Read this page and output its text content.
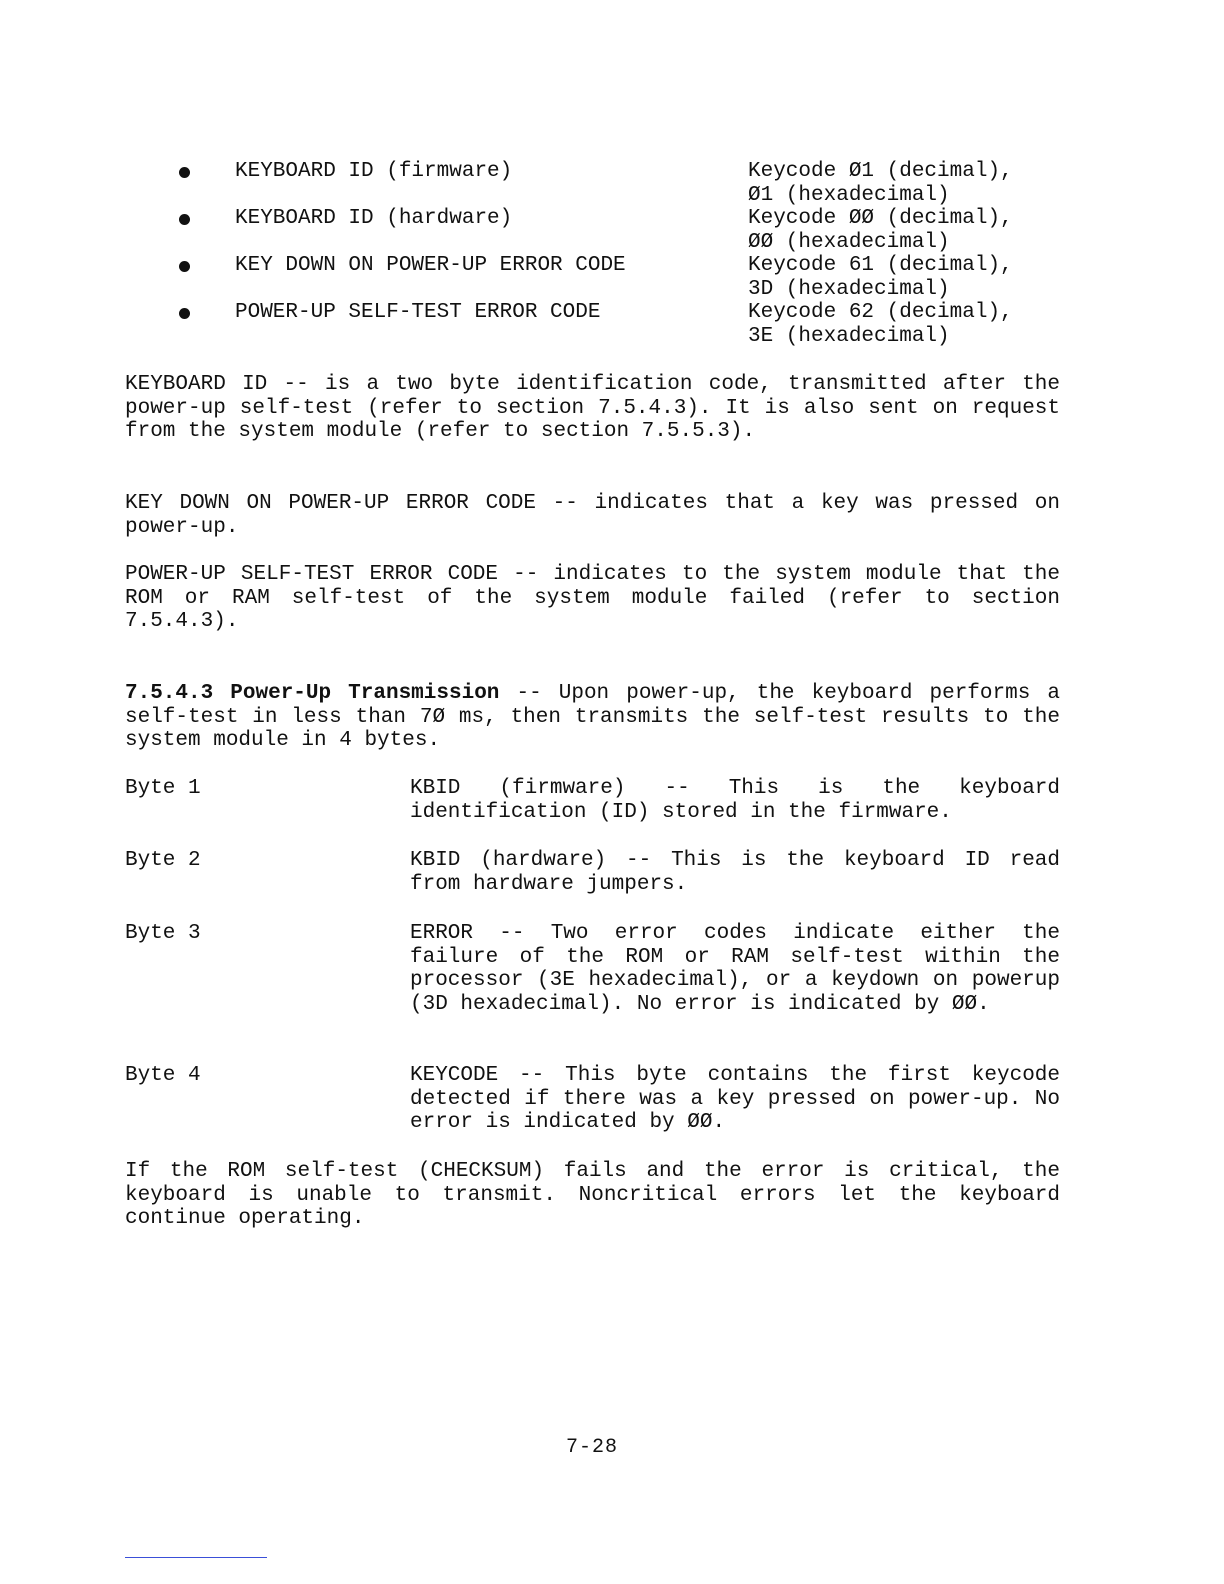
KEYBOARD ID (firmware)	Keycode Ø1 (decimal),
Ø1 (hexadecimal)
KEYBOARD ID (hardware)	Keycode ØØ (decimal),
ØØ (hexadecimal)
KEY DOWN ON POWER-UP ERROR CODE	Keycode 61 (decimal),
3D (hexadecimal)
POWER-UP SELF-TEST ERROR CODE	Keycode 62 (decimal),
3E (hexadecimal)

KEYBOARD ID -- is a two byte identification code, transmitted after the power-up self-test (refer to section 7.5.4.3). It is also sent on request from the system module (refer to section 7.5.5.3).

KEY DOWN ON POWER-UP ERROR CODE -- indicates that a key was pressed on power-up.

POWER-UP SELF-TEST ERROR CODE -- indicates to the system module that the ROM or RAM self-test of the system module failed (refer to section 7.5.4.3).

7.5.4.3 Power-Up Transmission -- Upon power-up, the keyboard performs a self-test in less than 7Ø ms, then transmits the self-test results to the system module in 4 bytes.

Byte 1	KBID (firmware) -- This is the keyboard identification (ID) stored in the firmware.

Byte 2	KBID (hardware) -- This is the keyboard ID read from hardware jumpers.

Byte 3	ERROR -- Two error codes indicate either the failure of the ROM or RAM self-test within the processor (3E hexadecimal), or a keydown on powerup (3D hexadecimal). No error is indicated by ØØ.

Byte 4	KEYCODE -- This byte contains the first keycode detected if there was a key pressed on power-up. No error is indicated by ØØ.

If the ROM self-test (CHECKSUM) fails and the error is critical, the keyboard is unable to transmit. Noncritical errors let the keyboard continue operating.

7-28
